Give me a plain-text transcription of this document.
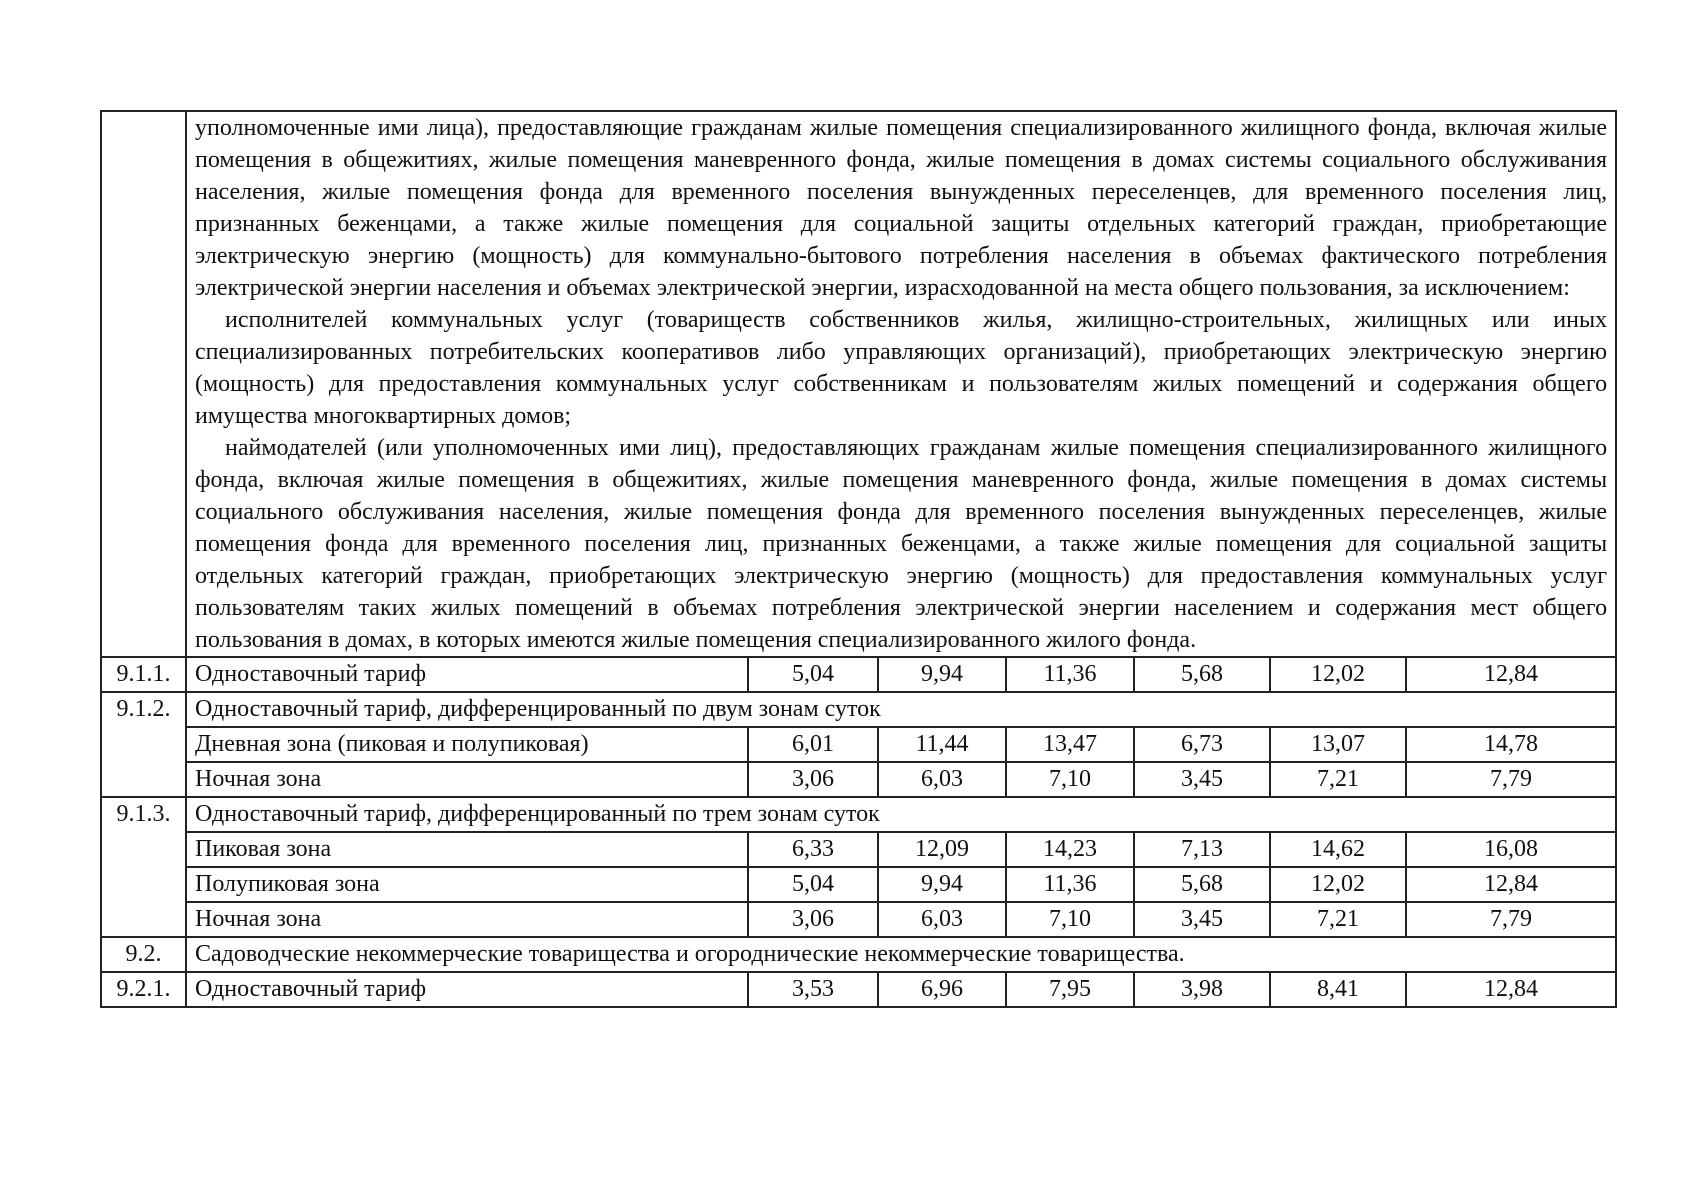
	уполномоченные ими лица), предоставляющие гражданам жилые помещения специализированного жилищного фонда, включая жилые помещения в общежитиях, жилые помещения маневренного фонда, жилые помещения в домах системы социального обслуживания населения, жилые помещения фонда для временного поселения вынужденных переселенцев, для временного поселения лиц, признанных беженцами, а также жилые помещения для социальной защиты отдельных категорий граждан, приобретающие электрическую энергию (мощность) для коммунально-бытового потребления населения в объемах фактического потребления электрической энергии населения и объемах электрической энергии, израсходованной на места общего пользования, за исключением:

исполнителей коммунальных услуг (товариществ собственников жилья, жилищно-строительных, жилищных или иных специализированных потребительских кооперативов либо управляющих организаций), приобретающих электрическую энергию (мощность) для предоставления коммунальных услуг собственникам и пользователям жилых помещений и содержания общего имущества многоквартирных домов;

наймодателей (или уполномоченных ими лиц), предоставляющих гражданам жилые помещения специализированного жилищного фонда, включая жилые помещения в общежитиях, жилые помещения маневренного фонда, жилые помещения в домах системы социального обслуживания населения, жилые помещения фонда для временного поселения вынужденных переселенцев, жилые помещения фонда для временного поселения лиц, признанных беженцами, а также жилые помещения для социальной защиты отдельных категорий граждан, приобретающих электрическую энергию (мощность) для предоставления коммунальных услуг пользователям таких жилых помещений в объемах потребления электрической энергии населением и содержания мест общего пользования в домах, в которых имеются жилые помещения специализированного жилого фонда.						

9.1.1.	Одноставочный тариф	5,04	9,94	11,36	5,68	12,02	12,84
9.1.2.	Одноставочный тариф, дифференцированный по двум зонам суток						
	Дневная зона (пиковая и полупиковая)	6,01	11,44	13,47	6,73	13,07	14,78
	Ночная зона	3,06	6,03	7,10	3,45	7,21	7,79
9.1.3.	Одноставочный тариф, дифференцированный по трем зонам суток						
	Пиковая зона	6,33	12,09	14,23	7,13	14,62	16,08
	Полупиковая зона	5,04	9,94	11,36	5,68	12,02	12,84
	Ночная зона	3,06	6,03	7,10	3,45	7,21	7,79
9.2.	Садоводческие некоммерческие товарищества и огороднические некоммерческие товарищества.						
9.2.1.	Одноставочный тариф	3,53	6,96	7,95	3,98	8,41	12,84
